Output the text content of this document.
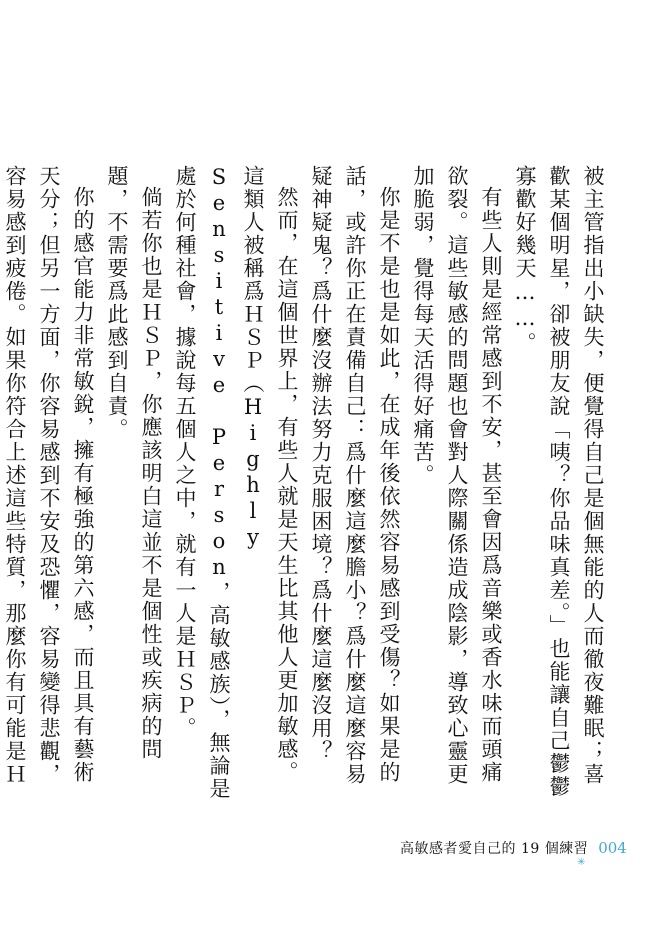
被主管指出小缺失，便覺得自己是個無能的人而徹夜難眠；喜歡某個明星，卻被朋友說「咦？你品味真差。」也能讓自己鬱鬱寡歡好幾天……。

有些人則是經常感到不安，甚至會因爲音樂或香水味而頭痛欲裂。這些敏感的問題也會對人際關係造成陰影，導致心靈更加脆弱，覺得每天活得好痛苦。

你是不是也是如此，在成年後依然容易感到受傷？如果是的話，或許你正在責備自己：爲什麼這麼膽小？爲什麼這麼容易疑神疑鬼？爲什麼沒辦法努力克服困境？爲什麼這麼沒用？

然而，在這個世界上，有些人就是天生比其他人更加敏感。這類人被稱爲ＨＳＰ（Highly Sensitive Person，高敏感族），無論是處於何種社會，據說每五個人之中，就有一人是ＨＳＰ。

倘若你也是ＨＳＰ，你應該明白這並不是個性或疾病的問題，不需要爲此感到自責。

你的感官能力非常敏銳，擁有極強的第六感，而且具有藝術天分；但另一方面，你容易感到不安及恐懼，容易變得悲觀，容易感到疲倦。如果你符合上述這些特質，那麼你有可能是Ｈ

高敏感者愛自己的 19 個練習 004
✳
